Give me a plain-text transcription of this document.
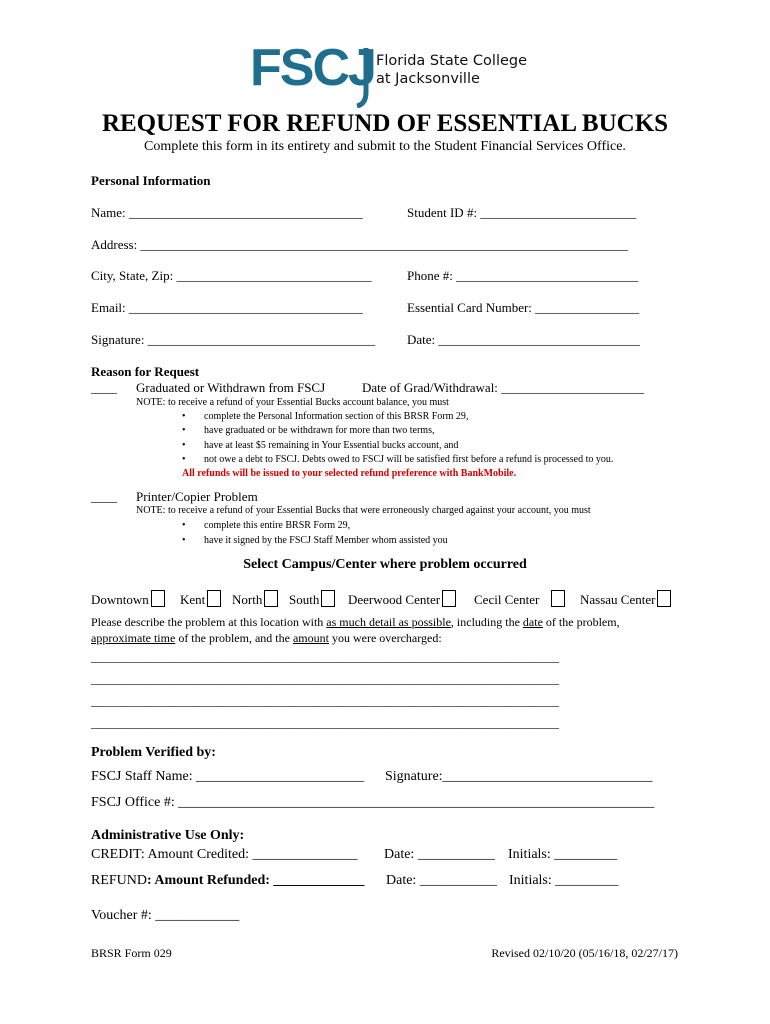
FSCJ Florida State College
at Jacksonville
REQUEST FOR REFUND OF ESSENTIAL BUCKS
Complete this form in its entirety and submit to the Student Financial Services Office.
Personal Information
Name: ____________________________________	Student ID #: ________________________
Address: ___________________________________________________________________________
City, State, Zip: ______________________________	Phone #: ____________________________
Email: ____________________________________	Essential Card Number: ________________
Signature: ___________________________________ Date: _______________________________
Reason for Request
____ Graduated or Withdrawn from FSCJ	Date of Grad/Withdrawal: ______________________
NOTE: to receive a refund of your Essential Bucks account balance, you must
• complete the Personal Information section of this BRSR Form 29,
• have graduated or be withdrawn for more than two terms,
• have at least $5 remaining in Your Essential bucks account, and
• not owe a debt to FSCJ. Debts owed to FSCJ will be satisfied first before a refund is processed to you.
All refunds will be issued to your selected refund preference with BankMobile.
____ Printer/Copier Problem
NOTE: to receive a refund of your Essential Bucks that were erroneously charged against your account, you must
• complete this entire BRSR Form 29,
• have it signed by the FSCJ Staff Member whom assisted you
Select Campus/Center where problem occurred
Downtown	Kent	North	South	Deerwood Center	Cecil Center	Nassau Center
Please describe the problem at this location with as much detail as possible, including the date of the problem,
approximate time of the problem, and the amount you were overcharged:
______________________________________________________________________________
______________________________________________________________________________
______________________________________________________________________________
______________________________________________________________________________
Problem Verified by:
FSCJ Staff Name: ________________________ Signature:______________________________
FSCJ Office #: ____________________________________________________________________
Administrative Use Only:
CREDIT: Amount Credited: _______________ Date: ___________ Initials: _________
REFUND: Amount Refunded: _____________ Date: ___________ Initials: _________
Voucher #: ____________
BRSR Form 029	Revised 02/10/20 (05/16/18, 02/27/17)
